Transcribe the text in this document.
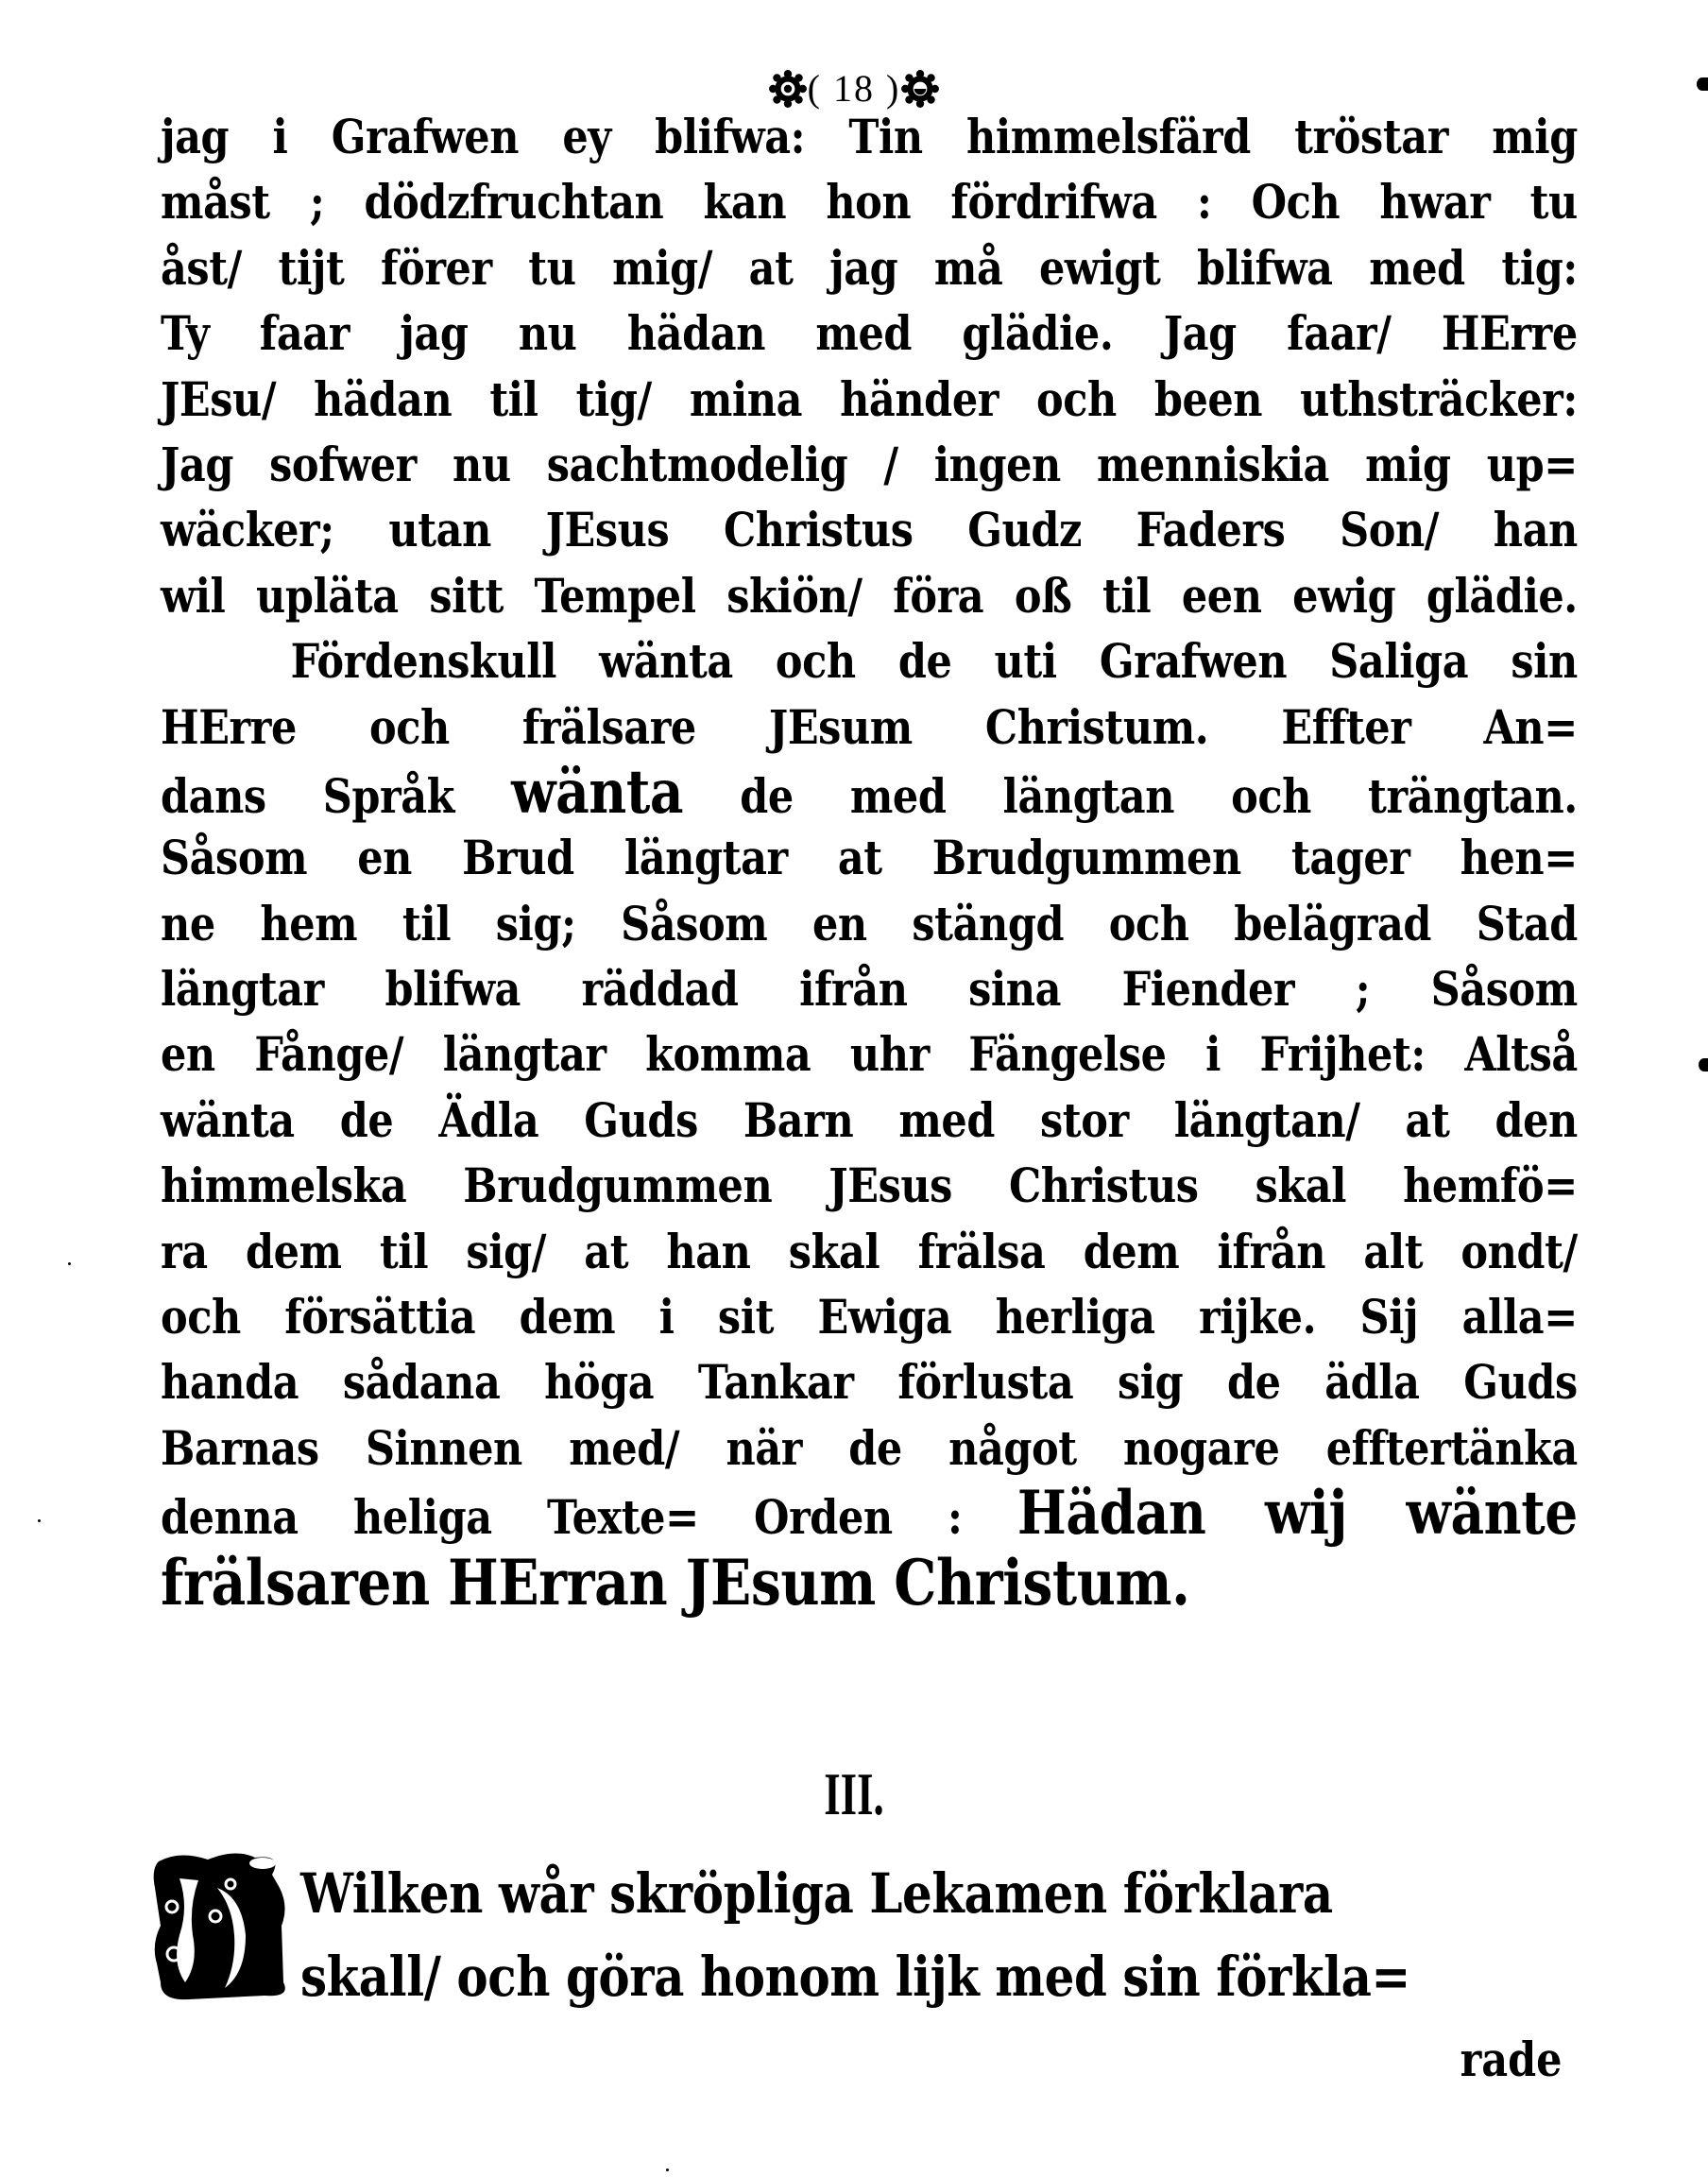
( 18 )
jag i Grafwen ey blifwa: Tin himmelsfärd tröstar mig
måst ; dödzfruchtan kan hon fördrifwa : Och hwar tu
åst/ tijt förer tu mig/ at jag må ewigt blifwa med tig:
Ty faar jag nu hädan med glädie. Jag faar/ HErre
JEsu/ hädan til tig/ mina händer och been uthsträcker:
Jag sofwer nu sachtmodelig / ingen menniskia mig up=
wäcker; utan JEsus Christus Gudz Faders Son/ han
wil upläta sitt Tempel skiön/ föra oß til een ewig glädie.
Fördenskull wänta och de uti Grafwen Saliga sin
HErre och frälsare JEsum Christum. Effter An=
dans Språk wänta de med längtan och trängtan.
Såsom en Brud längtar at Brudgummen tager hen=
ne hem til sig; Såsom en stängd och belägrad Stad
längtar blifwa räddad ifrån sina Fiender ; Såsom
en Fånge/ längtar komma uhr Fängelse i Frijhet: Altså
wänta de Ädla Guds Barn med stor längtan/ at den
himmelska Brudgummen JEsus Christus skal hemfö=
ra dem til sig/ at han skal frälsa dem ifrån alt ondt/
och försättia dem i sit Ewiga herliga rijke. Sij alla=
handa sådana höga Tankar förlusta sig de ädla Guds
Barnas Sinnen med/ när de något nogare efftertänka
denna heliga Texte= Orden : Hädan wij wänte
frälsaren HErran JEsum Christum.
III.
Wilken wår skröpliga Lekamen förklara
skall/ och göra honom lijk med sin förkla=
rade
